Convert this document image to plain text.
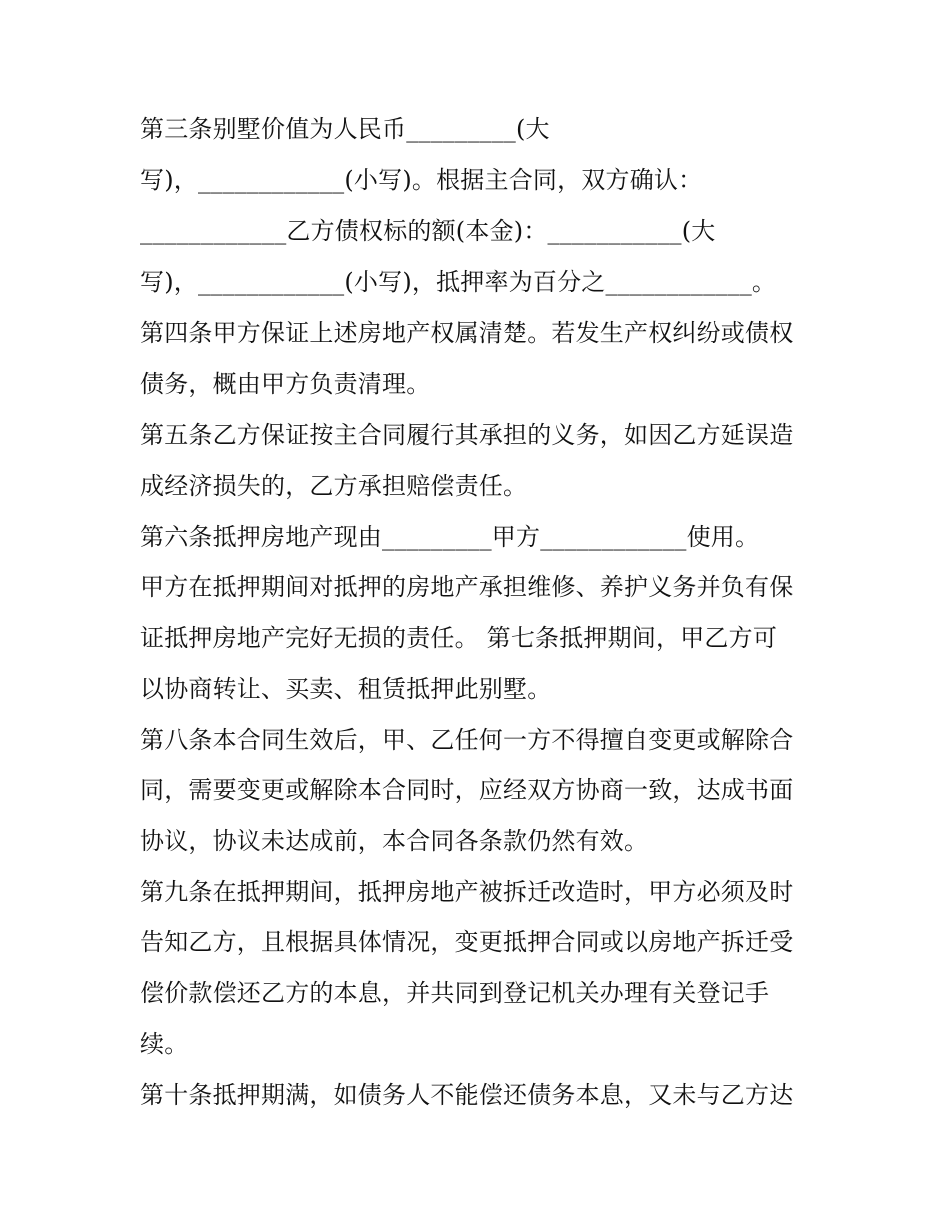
第三条别墅价值为人民币_________(大
写)，____________(小写)。根据主合同，双方确认：
____________乙方债权标的额(本金)：___________(大
写)，____________(小写)，抵押率为百分之____________。
第四条甲方保证上述房地产权属清楚。若发生产权纠纷或债权
债务，概由甲方负责清理。
第五条乙方保证按主合同履行其承担的义务，如因乙方延误造
成经济损失的，乙方承担赔偿责任。
第六条抵押房地产现由_________甲方____________使用。
甲方在抵押期间对抵押的房地产承担维修、养护义务并负有保
证抵押房地产完好无损的责任。 第七条抵押期间，甲乙方可
以协商转让、买卖、租赁抵押此别墅。
第八条本合同生效后，甲、乙任何一方不得擅自变更或解除合
同，需要变更或解除本合同时，应经双方协商一致，达成书面
协议，协议未达成前，本合同各条款仍然有效。
第九条在抵押期间，抵押房地产被拆迁改造时，甲方必须及时
告知乙方，且根据具体情况，变更抵押合同或以房地产拆迁受
偿价款偿还乙方的本息，并共同到登记机关办理有关登记手
续。
第十条抵押期满，如债务人不能偿还债务本息，又未与乙方达
